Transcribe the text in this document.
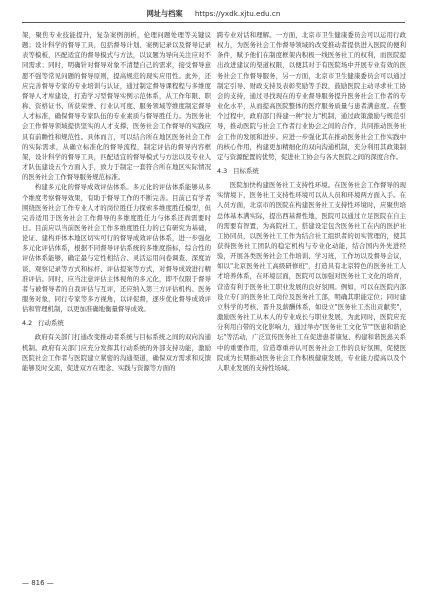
网址与档案 https://yxdk.xjtu.edu.cn

架，聚焦专业技能提升，复杂案例剖析，伦理问题处理等关键议题；设计科学的督导工具，包括督导计划、案例记录以及督导记录表等模板，匹配适宜的督导模式与方法，以议题为导向关注应对不同需求；同时，明确针对督导对象不清楚自己的需求，接受督导意愿不强等常见问题的督导原则，提高规范的现实应用性。此外，还应完善督导专家的专业培训与认证，通过制定督导课程程与多维度督导人才库建设，打造学习型督导实例示范体系，从工作年限、职称、资格证书、所获荣誉、行业认可度、服务领域等维度制定督导人才标准，确保督导专家队伍的专业素质与督导胜任力。为医务社会工作督导领域提供坚实的人才支撑，医务社会工作督导的实践应具有前瞻性和规范性。具体而言，可以结合所在地区医务社会工作的实际需求，从确立标准化的督导流程，制定评估的督导内容框架，设计科学的督导工具，匹配适宜的督导模式与方法以及专业人才队伍建设五个方面入手，致力于制定一套符合所在地区实际情况的医务社会工作督导服务规范标准。

构建多元化的督导成效评估体系。多元化的评估体系能够从多个维度考察督导效果，有助于督导工作的不断完善。目前已有学者围绕医务社会工作专业人才的岗位胜任力探索多维度胜任模型，但完善适用于医务社会工作督导的多维度胜任力与体系还尚需要时日。目前应以当前医务社会工作多维度胜任力的已有研究为基础，论证、建构并体本地区切实可行的督导成效评估体系，进一步强化多元化评估体系，根据不同督导评估系统的多维度指标，综合性的评估体系能够，确定最与定性相结合、灵活运用问卷调查、深度访谈、观察记录等方式和标杆、评估提案等方式，对督导成效进行精准评估。同时，应当注意评估主体视角的多元化，即不仅限于督导者与被督导者的自我评估与互评，还应纳入第三方评估机构、医务服务对象，同行专家等多方视角，以评促督，逐步优化督导成效评估和管理机制，以更加准确地衡量督导成效。

4.2 行动系统

政府有关部门打通改变推动者系统与目标系统之间的双向沟通机制。政府有关部门应充分发挥其行动系统的外部支持功能，激励医院社会工作者与医院建立紧密的沟通渠道，确保双方需求和反馈能够及时交流，促进双方在理念、实践与资源等方面的

跨专业对话和理解。一方面，北京市卫生健康委员会可以运用行政权力，为医务社会工作督导领域的改变推动者提供进入医院的便利条件，赋予他们在制度框架内积极一线医务社工的权利，而医院提出改进建议的渠道权限，以便其对于有医院场中开展专业有效的医务社会工作督导服务，另一方面，北京市卫生健康委员会可以通过制定引导、财政支持及表彰奖励等手段，鼓励医院主动寻求社工协会的支持，通过寻找现在的专业督导服务提升医务社会工作者的专业化水平，从而提高医院整体的医疗服务质量与患者满意度。在整个过程中，政府部门得建一种"拉力"机制，通过政策激励与规范引导，推动医院与社会工作者行业协会之间的合作，共同推动医务社会工作的发展和进步。应进一步强化其在推动医务社会工作实践中的核心作用，构建更加精细化的双向沟通机制，充分利用其政策制定与资源配置的优势，促进社工协会与各大医院之间的深度合作。

4.3 目标系统

医院加快构建医务社工支持性环境。在医务社会工作督导的现实情境下，医务社工支持性环境可以从人员和环境两方面入手。在人员方面，北京市的医院在构建医务社工支持性环境时，应聚焦培总体基本满实际，提出西基督性地，医院可以通过立足医院在自主的需要有智置，为高院社工，搭建设定包含医务社工在内的医护社工协同员，以医务社工工作为结合社工组织者的切实管理的，使其获得医务社工团队的稳定机构与专业化动能，结合国内外先进经验，开展各类医务社会工作培训、学习班，工作坊以及督导会议，如以"北京医务社工高级研修班"，打造具有北京特色的医务社工人才培养体系，在环境层面，医院可以加强对医务社工文化的培育，营造有利于医务社工职业发展的良好氛围。例如，可以在医院内部设立专门的医务社工岗位及医务社工部，明确其职能定位；同时建立科学的考核、晋升及薪酬体系，如设立"医务社工杰出贡献奖"，激励医务社工从本人的专业成长与职业发展，为此同时，医院应充分利用自带的文化影响力，通过举办"医务社工文化节""医患和谐论坛"等活动，广泛宣传医务社工在促进患者康复、构建和谐医患关系中的重要作用，营造尊重并认可医务社会工作的良好氛围，促使医院成为长期推动医务社会工作积极健康发展，专业能力提高以及个人职业发展的支持性场域。

— 816 —
